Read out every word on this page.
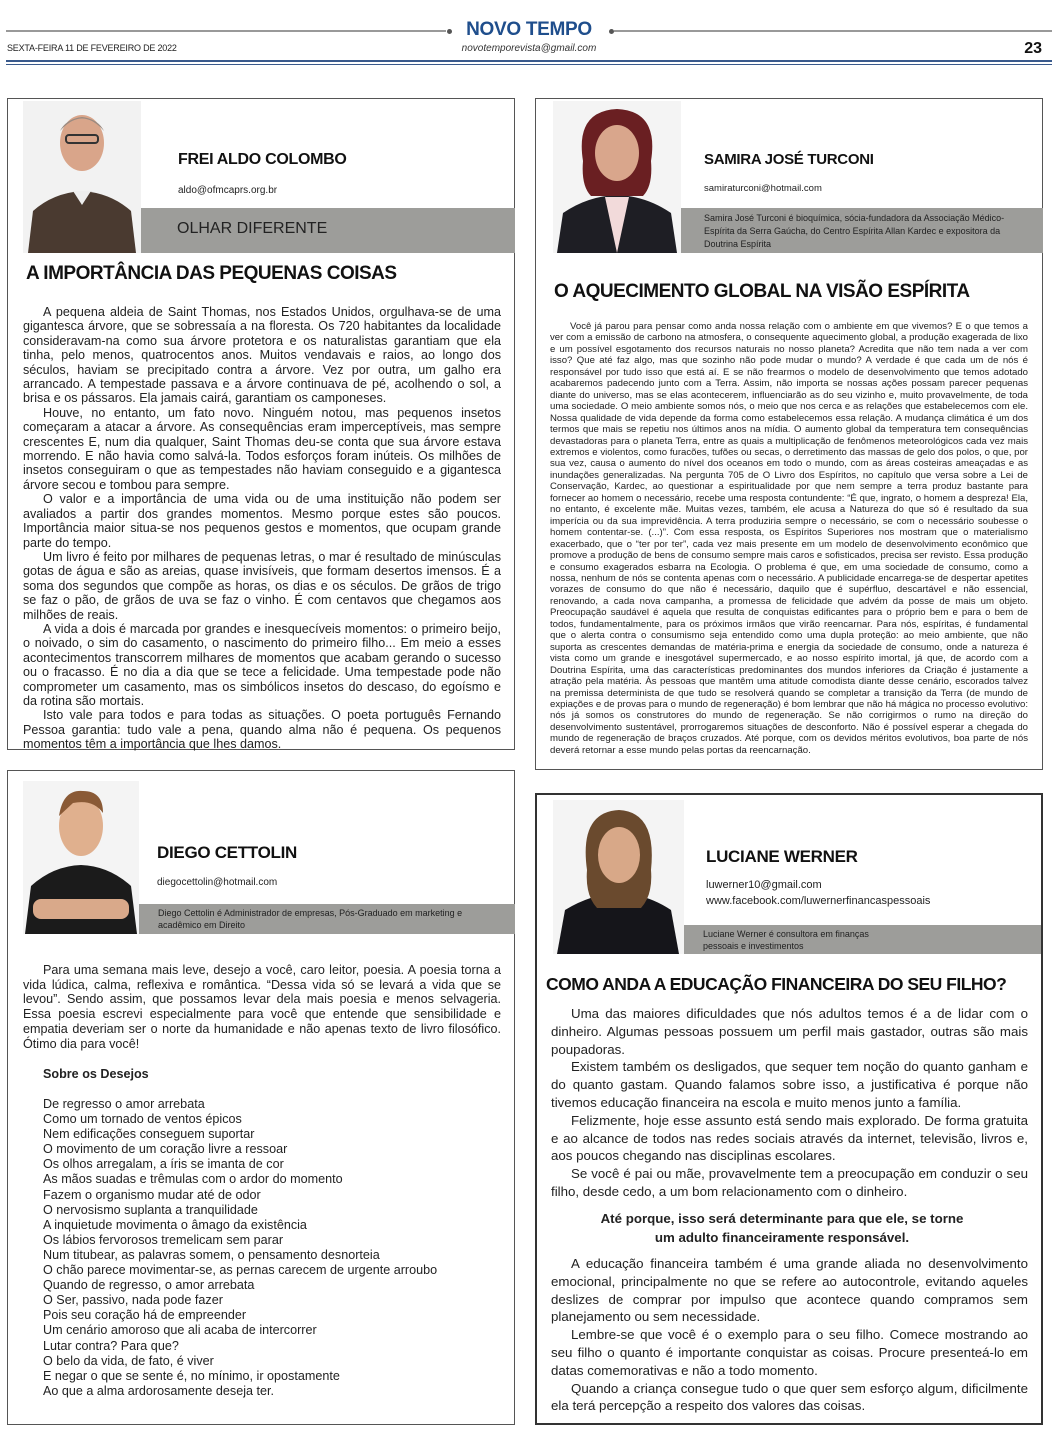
NOVO TEMPO
SEXTA-FEIRA 11 DE FEVEREIRO DE 2022	novotemporevista@gmail.com	23
OLHAR DIFERENTE
FREI ALDO COLOMBO
aldo@ofmcaprs.org.br
A IMPORTÂNCIA DAS PEQUENAS COISAS

A pequena aldeia de Saint Thomas, nos Estados Unidos, orgulhava-se de uma gigantesca árvore, que se sobressaía a na floresta. Os 720 habitantes da localidade consideravam-na como sua árvore protetora e os naturalistas garantiam que ela tinha, pelo menos, quatrocentos anos. Muitos vendavais e raios, ao longo dos séculos, haviam se precipitado contra a árvore. Vez por outra, um galho era arrancado. A tempestade passava e a árvore continuava de pé, acolhendo o sol, a brisa e os pássaros. Ela jamais cairá, garantiam os camponeses.

Houve, no entanto, um fato novo. Ninguém notou, mas pequenos insetos começaram a atacar a árvore. As consequências eram imperceptíveis, mas sempre crescentes E, num dia qualquer, Saint Thomas deu-se conta que sua árvore estava morrendo. E não havia como salvá-la. Todos esforços foram inúteis. Os milhões de insetos conseguiram o que as tempestades não haviam conseguido e a gigantesca árvore secou e tombou para sempre.

O valor e a importância de uma vida ou de uma instituição não podem ser avaliados a partir dos grandes momentos. Mesmo porque estes são poucos. Importância maior situa-se nos pequenos gestos e momentos, que ocupam grande parte do tempo.

Um livro é feito por milhares de pequenas letras, o mar é resultado de minúsculas gotas de água e são as areias, quase invisíveis, que formam desertos imensos. É a soma dos segundos que compõe as horas, os dias e os séculos. De grãos de trigo se faz o pão, de grãos de uva se faz o vinho. É com centavos que chegamos aos milhões de reais.

A vida a dois é marcada por grandes e inesquecíveis momentos: o primeiro beijo, o noivado, o sim do casamento, o nascimento do primeiro filho... Em meio a esses acontecimentos transcorrem milhares de momentos que acabam gerando o sucesso ou o fracasso. É no dia a dia que se tece a felicidade. Uma tempestade pode não comprometer um casamento, mas os simbólicos insetos do descaso, do egoísmo e da rotina são mortais.

Isto vale para todos e para todas as situações. O poeta português Fernando Pessoa garantia: tudo vale a pena, quando alma não é pequena. Os pequenos momentos têm a importância que lhes damos.

Samira José Turconi é bioquímica, sócia-fundadora da Associação Médico-Espírita da Serra Gaúcha, do Centro Espírita Allan Kardec e expositora da Doutrina Espírita
SAMIRA JOSÉ TURCONI
samiraturconi@hotmail.com
O AQUECIMENTO GLOBAL NA VISÃO ESPÍRITA

Você já parou para pensar como anda nossa relação com o ambiente em que vivemos? E o que temos a ver com a emissão de carbono na atmosfera, o consequente aquecimento global, a produção exagerada de lixo e um possível esgotamento dos recursos naturais no nosso planeta? Acredita que não tem nada a ver com isso? Que até faz algo, mas que sozinho não pode mudar o mundo? A verdade é que cada um de nós é responsável por tudo isso que está aí. E se não frearmos o modelo de desenvolvimento que temos adotado acabaremos padecendo junto com a Terra. Assim, não importa se nossas ações possam parecer pequenas diante do universo, mas se elas acontecerem, influenciarão as do seu vizinho e, muito provavelmente, de toda uma sociedade. O meio ambiente somos nós, o meio que nos cerca e as relações que estabelecemos com ele. Nossa qualidade de vida depende da forma como estabelecemos essa relação. A mudança climática é um dos termos que mais se repetiu nos últimos anos na mídia. O aumento global da temperatura tem consequências devastadoras para o planeta Terra, entre as quais a multiplicação de fenômenos meteorológicos cada vez mais extremos e violentos, como furacões, tufões ou secas, o derretimento das massas de gelo dos polos, o que, por sua vez, causa o aumento do nível dos oceanos em todo o mundo, com as áreas costeiras ameaçadas e as inundações generalizadas. Na pergunta 705 de O Livro dos Espíritos, no capítulo que versa sobre a Lei de Conservação, Kardec, ao questionar a espiritualidade por que nem sempre a terra produz bastante para fornecer ao homem o necessário, recebe uma resposta contundente: “É que, ingrato, o homem a despreza! Ela, no entanto, é excelente mãe. Muitas vezes, também, ele acusa a Natureza do que só é resultado da sua imperícia ou da sua imprevidência. A terra produziria sempre o necessário, se com o necessário soubesse o homem contentar-se. (...)”. Com essa resposta, os Espíritos Superiores nos mostram que o materialismo exacerbado, que o “ter por ter”, cada vez mais presente em um modelo de desenvolvimento econômico que promove a produção de bens de consumo sempre mais caros e sofisticados, precisa ser revisto. Essa produção e consumo exagerados esbarra na Ecologia. O problema é que, em uma sociedade de consumo, como a nossa, nenhum de nós se contenta apenas com o necessário. A publicidade encarrega-se de despertar apetites vorazes de consumo do que não é necessário, daquilo que é supérfluo, descartável e não essencial, renovando, a cada nova campanha, a promessa de felicidade que advém da posse de mais um objeto. Preocupação saudável é aquela que resulta de conquistas edificantes para o próprio bem e para o bem de todos, fundamentalmente, para os próximos irmãos que virão reencarnar. Para nós, espíritas, é fundamental que o alerta contra o consumismo seja entendido como uma dupla proteção: ao meio ambiente, que não suporta as crescentes demandas de matéria-prima e energia da sociedade de consumo, onde a natureza é vista como um grande e inesgotável supermercado, e ao nosso espírito imortal, já que, de acordo com a Doutrina Espírita, uma das características predominantes dos mundos inferiores da Criação é justamente a atração pela matéria. Às pessoas que mantêm uma atitude comodista diante desse cenário, escorados talvez na premissa determinista de que tudo se resolverá quando se completar a transição da Terra (de mundo de expiações e de provas para o mundo de regeneração) é bom lembrar que não há mágica no processo evolutivo: nós já somos os construtores do mundo de regeneração. Se não corrigirmos o rumo na direção do desenvolvimento sustentável, prorrogaremos situações de desconforto. Não é possível esperar a chegada do mundo de regeneração de braços cruzados. Até porque, com os devidos méritos evolutivos, boa parte de nós deverá retornar a esse mundo pelas portas da reencarnação.

Diego Cettolin é Administrador de empresas, Pós-Graduado em marketing e acadêmico em Direito
DIEGO CETTOLIN
diegocettolin@hotmail.com

Para uma semana mais leve, desejo a você, caro leitor, poesia. A poesia torna a vida lúdica, calma, reflexiva e romântica. “Dessa vida só se levará a vida que se levou”. Sendo assim, que possamos levar dela mais poesia e menos selvageria. Essa poesia escrevi especialmente para você que entende que sensibilidade e empatia deveriam ser o norte da humanidade e não apenas texto de livro filosófico. Ótimo dia para você!

Sobre os Desejos
De regresso o amor arrebata
Como um tornado de ventos épicos
Nem edificações conseguem suportar
O movimento de um coração livre a ressoar
Os olhos arregalam, a íris se imanta de cor
As mãos suadas e trêmulas com o ardor do momento
Fazem o organismo mudar até de odor
O nervosismo suplanta a tranquilidade
A inquietude movimenta o âmago da existência
Os lábios fervorosos tremelicam sem parar
Num titubear, as palavras somem, o pensamento desnorteia
O chão parece movimentar-se, as pernas carecem de urgente arroubo
Quando de regresso, o amor arrebata
O Ser, passivo, nada pode fazer
Pois seu coração há de empreender
Um cenário amoroso que ali acaba de intercorrer
Lutar contra? Para que?
O belo da vida, de fato, é viver
E negar o que se sente é, no mínimo, ir opostamente
Ao que a alma ardorosamente deseja ter.
Luciane Werner é consultora em finanças pessoais e investimentos
LUCIANE WERNER
luwerner10@gmail.com
www.facebook.com/luwernerfinancaspessoais
COMO ANDA A EDUCAÇÃO FINANCEIRA DO SEU FILHO?

Uma das maiores dificuldades que nós adultos temos é a de lidar com o dinheiro. Algumas pessoas possuem um perfil mais gastador, outras são mais poupadoras.

Existem também os desligados, que sequer tem noção do quanto ganham e do quanto gastam. Quando falamos sobre isso, a justificativa é porque não tivemos educação financeira na escola e muito menos junto a família.

Felizmente, hoje esse assunto está sendo mais explorado. De forma gratuita e ao alcance de todos nas redes sociais através da internet, televisão, livros e, aos poucos chegando nas disciplinas escolares.

Se você é pai ou mãe, provavelmente tem a preocupação em conduzir o seu filho, desde cedo, a um bom relacionamento com o dinheiro.

Até porque, isso será determinante para que ele, se torne um adulto financeiramente responsável.

A educação financeira também é uma grande aliada no desenvolvimento emocional, principalmente no que se refere ao autocontrole, evitando aqueles deslizes de comprar por impulso que acontece quando compramos sem planejamento ou sem necessidade.

Lembre-se que você é o exemplo para o seu filho. Comece mostrando ao seu filho o quanto é importante conquistar as coisas. Procure presenteá-lo em datas comemorativas e não a todo momento.

Quando a criança consegue tudo o que quer sem esforço algum, dificilmente ela terá percepção a respeito dos valores das coisas.
